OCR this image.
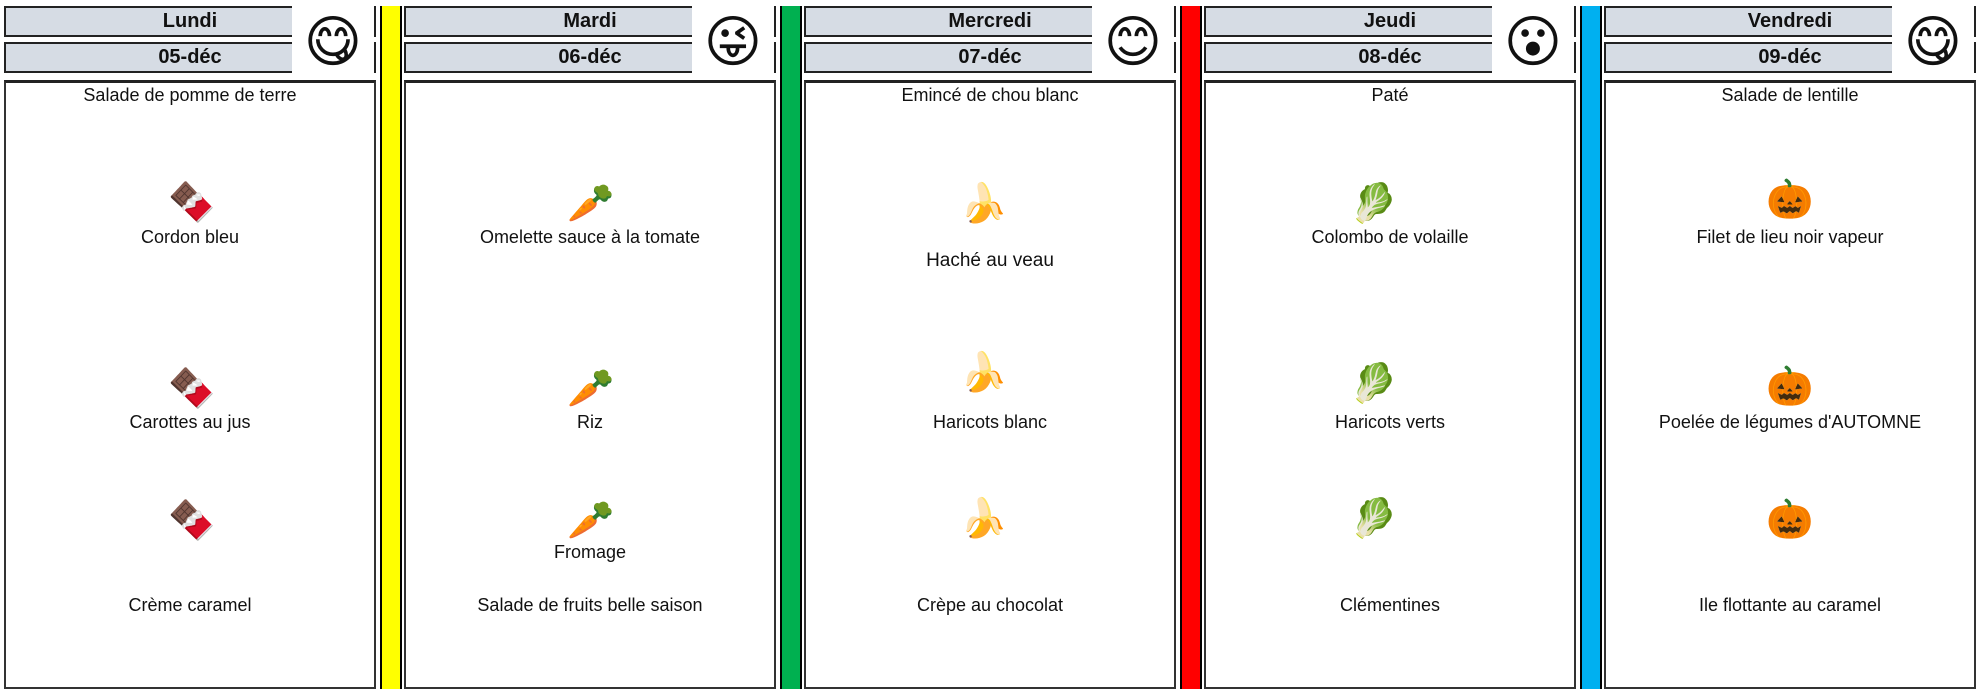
Lundi
05-déc	😋
Salade de pomme de terre
🍫
Cordon bleu
🍫
Carottes au jus
🍫
Crème caramel
Mardi
06-déc	😜
🥕
Omelette sauce à la tomate
🥕
Riz
🥕
Fromage
Salade de fruits belle saison
Mercredi
07-déc	😊
Emincé de chou blanc
🍌
Haché au veau
🍌
Haricots blanc
🍌
Crèpe au chocolat
Jeudi
08-déc	😮
Paté
🥬
Colombo de volaille
🥬
Haricots verts
🥬
Clémentines
Vendredi
09-déc	😋
Salade de lentille
🎃
Filet de lieu noir vapeur
🎃
Poelée de légumes d'AUTOMNE
🎃
Ile flottante au caramel
